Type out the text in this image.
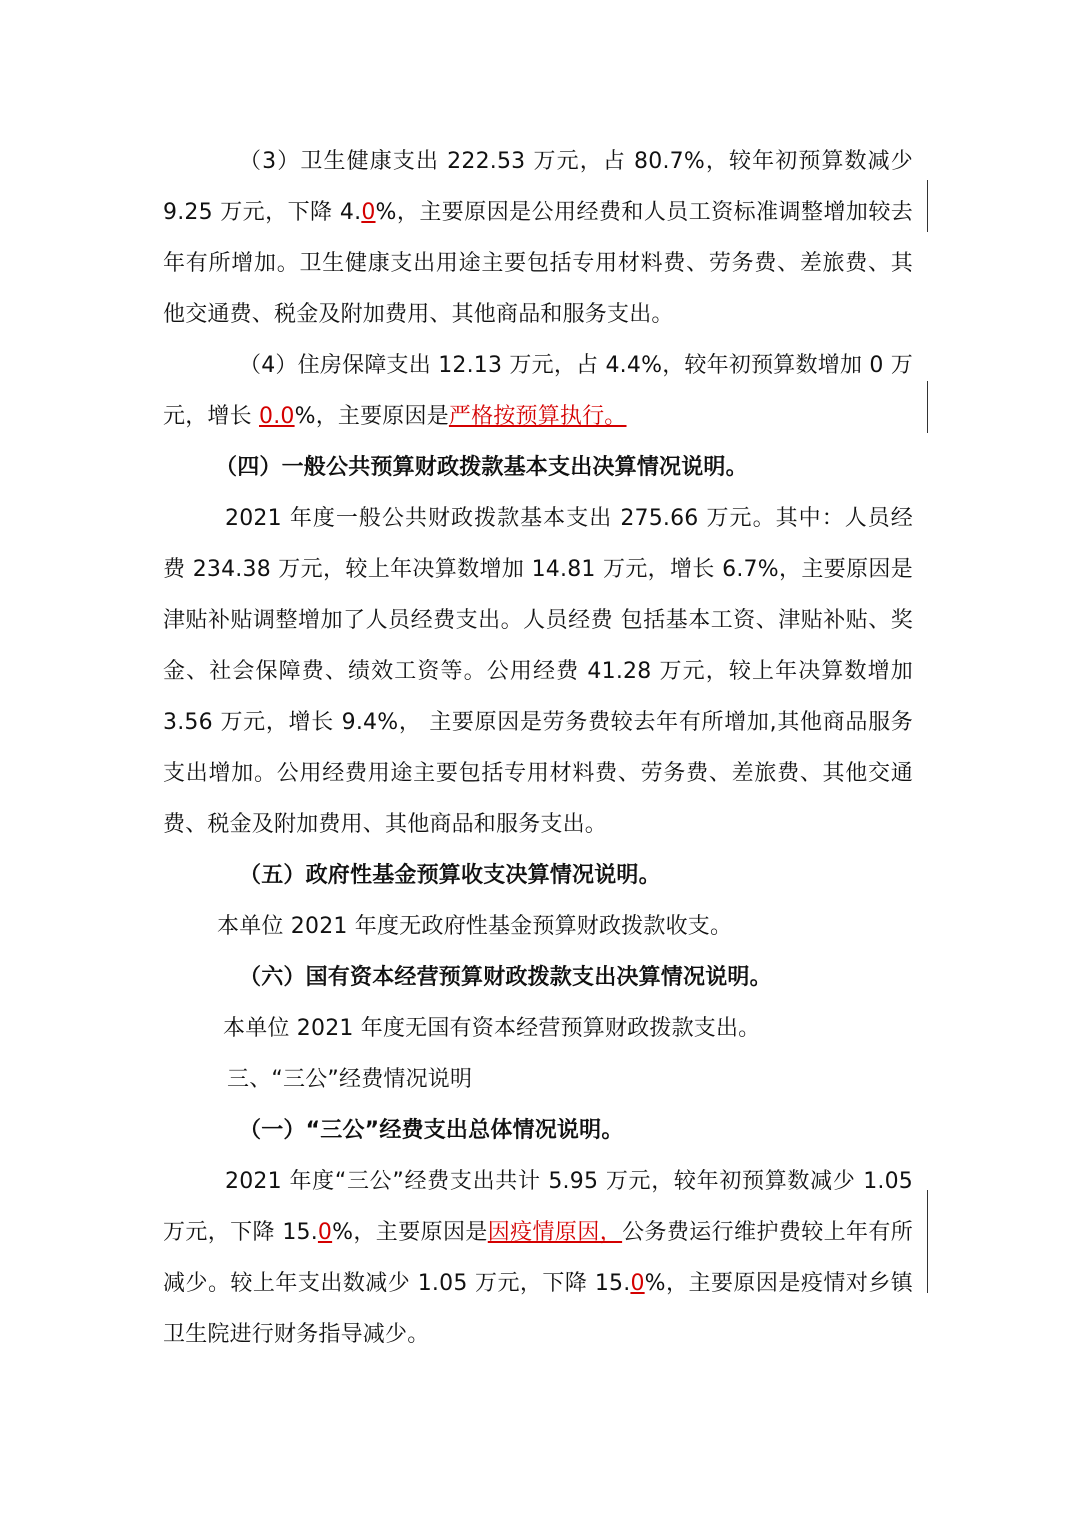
（3）卫生健康支出 222.53 万元，占 80.7%，较年初预算数减少 9.25 万元，下降 4.0%，主要原因是公用经费和人员工资标准调整增加较去年有所增加。卫生健康支出用途主要包括专用材料费、劳务费、差旅费、其他交通费、税金及附加费用、其他商品和服务支出。

（4）住房保障支出 12.13 万元，占 4.4%，较年初预算数增加 0 万元，增长 0.0%，主要原因是严格按预算执行。

（四）一般公共预算财政拨款基本支出决算情况说明。

2021 年度一般公共财政拨款基本支出 275.66 万元。其中：人员经费 234.38 万元，较上年决算数增加 14.81 万元，增长 6.7%，主要原因是津贴补贴调整增加了人员经费支出。人员经费 包括基本工资、津贴补贴、奖金、社会保障费、绩效工资等。公用经费 41.28 万元，较上年决算数增加 3.56 万元，增长 9.4%， 主要原因是劳务费较去年有所增加,其他商品服务支出增加。公用经费用途主要包括专用材料费、劳务费、差旅费、其他交通费、税金及附加费用、其他商品和服务支出。

（五）政府性基金预算收支决算情况说明。

本单位 2021 年度无政府性基金预算财政拨款收支。

（六）国有资本经营预算财政拨款支出决算情况说明。

本单位 2021 年度无国有资本经营预算财政拨款支出。

三、“三公”经费情况说明

（一）“三公”经费支出总体情况说明。

2021 年度“三公”经费支出共计 5.95 万元，较年初预算数减少 1.05 万元，下降 15.0%，主要原因是因疫情原因，公务费运行维护费较上年有所减少。较上年支出数减少 1.05 万元，下降 15.0%，主要原因是疫情对乡镇卫生院进行财务指导减少。
